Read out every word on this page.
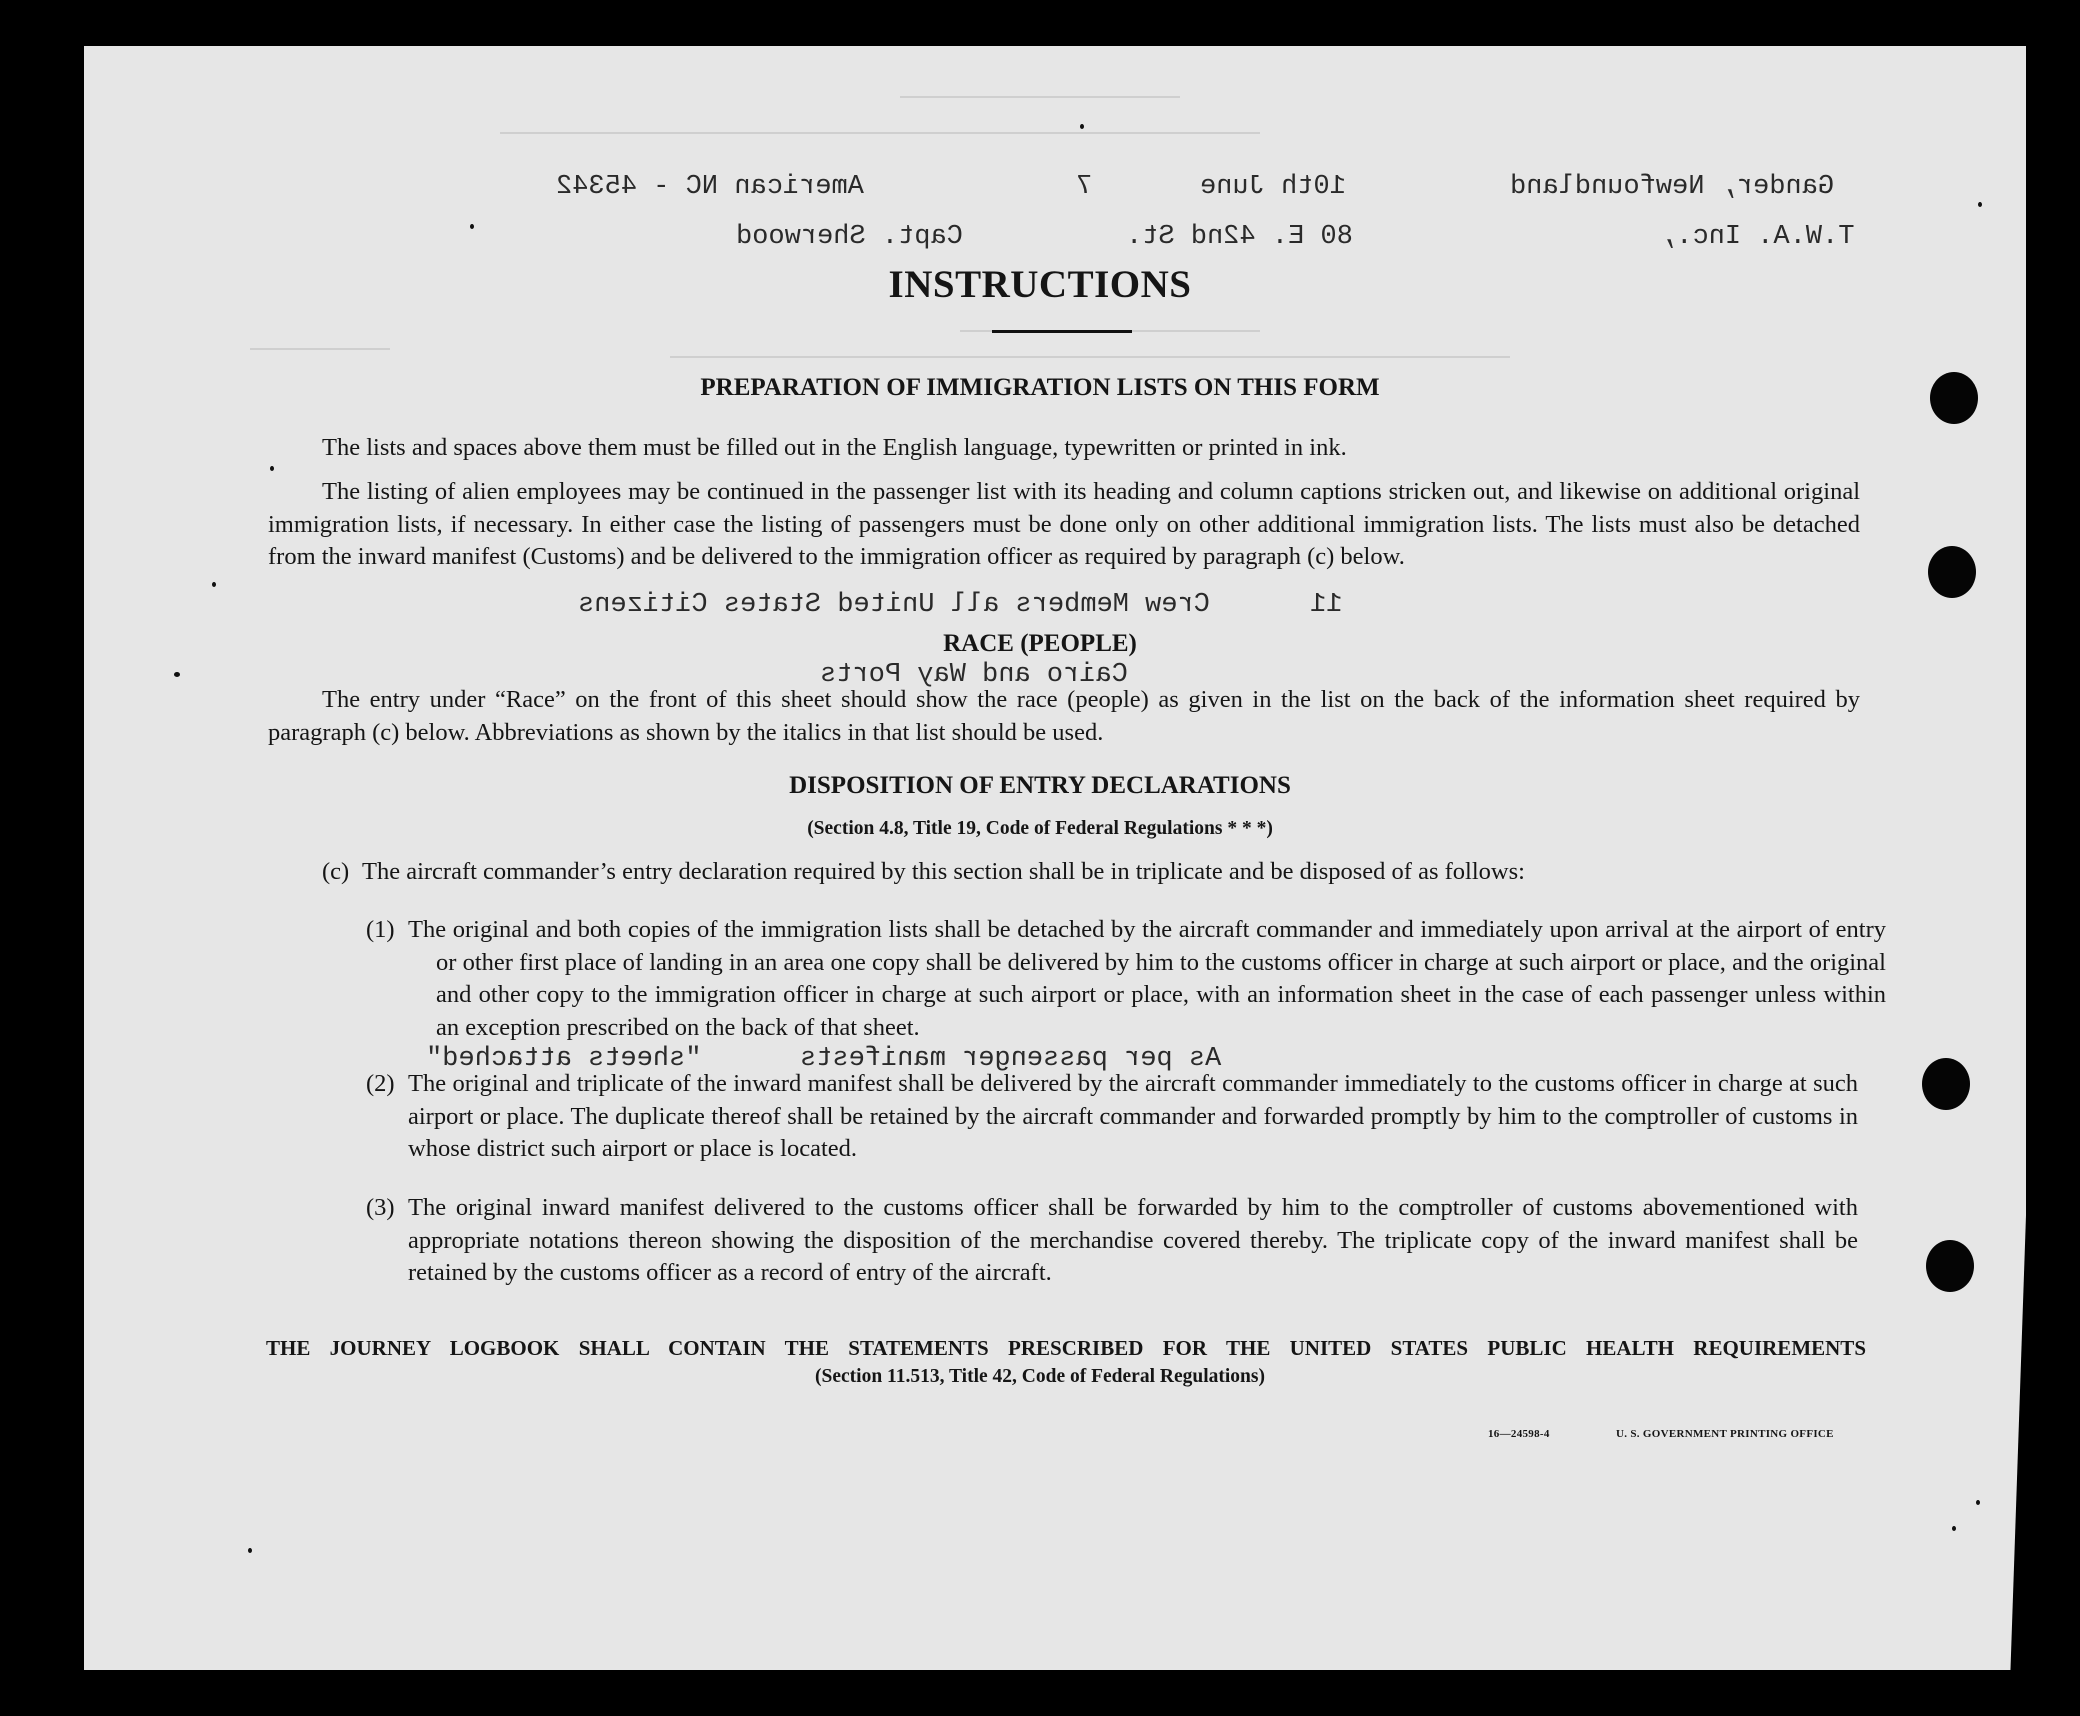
Gander, Newfoundland
T.W.A. Inc.,
10th June
7
American NC - 45342
80 E. 42nd St.
Capt. Sherwood
11
Crew Members all United States Citizens
Cairo and Way Ports
As per passenger manifests
"sheets attached"
INSTRUCTIONS
PREPARATION OF IMMIGRATION LISTS ON THIS FORM
The lists and spaces above them must be filled out in the English language, typewritten or printed in ink.
The listing of alien employees may be continued in the passenger list with its heading and column captions stricken out, and likewise on additional original immigration lists, if necessary. In either case the listing of passengers must be done only on other additional immigration lists. The lists must also be detached from the inward manifest (Customs) and be delivered to the immigration officer as required by paragraph (c) below.
RACE (PEOPLE)
The entry under “Race” on the front of this sheet should show the race (people) as given in the list on the back of the information sheet required by paragraph (c) below. Abbreviations as shown by the italics in that list should be used.
DISPOSITION OF ENTRY DECLARATIONS
(Section 4.8, Title 19, Code of Federal Regulations * * *)
(c) The aircraft commander’s entry declaration required by this section shall be in triplicate and be disposed of as follows:
(1) The original and both copies of the immigration lists shall be detached by the aircraft commander and immediately upon arrival at the airport of entry or other first place of landing in an area one copy shall be delivered by him to the customs officer in charge at such airport or place, and the original and other copy to the immigration officer in charge at such airport or place, with an information sheet in the case of each passenger unless within an exception prescribed on the back of that sheet.
(2) The original and triplicate of the inward manifest shall be delivered by the aircraft commander immediately to the customs officer in charge at such airport or place. The duplicate thereof shall be retained by the aircraft commander and forwarded promptly by him to the comptroller of customs in whose district such airport or place is located.
(3) The original inward manifest delivered to the customs officer shall be forwarded by him to the comptroller of customs abovementioned with appropriate notations thereon showing the disposition of the merchandise covered thereby. The triplicate copy of the inward manifest shall be retained by the customs officer as a record of entry of the aircraft.
THE JOURNEY LOGBOOK SHALL CONTAIN THE STATEMENTS PRESCRIBED FOR THE UNITED STATES PUBLIC HEALTH REQUIREMENTS
(Section 11.513, Title 42, Code of Federal Regulations)
16—24598-4	U. S. GOVERNMENT PRINTING OFFICE
